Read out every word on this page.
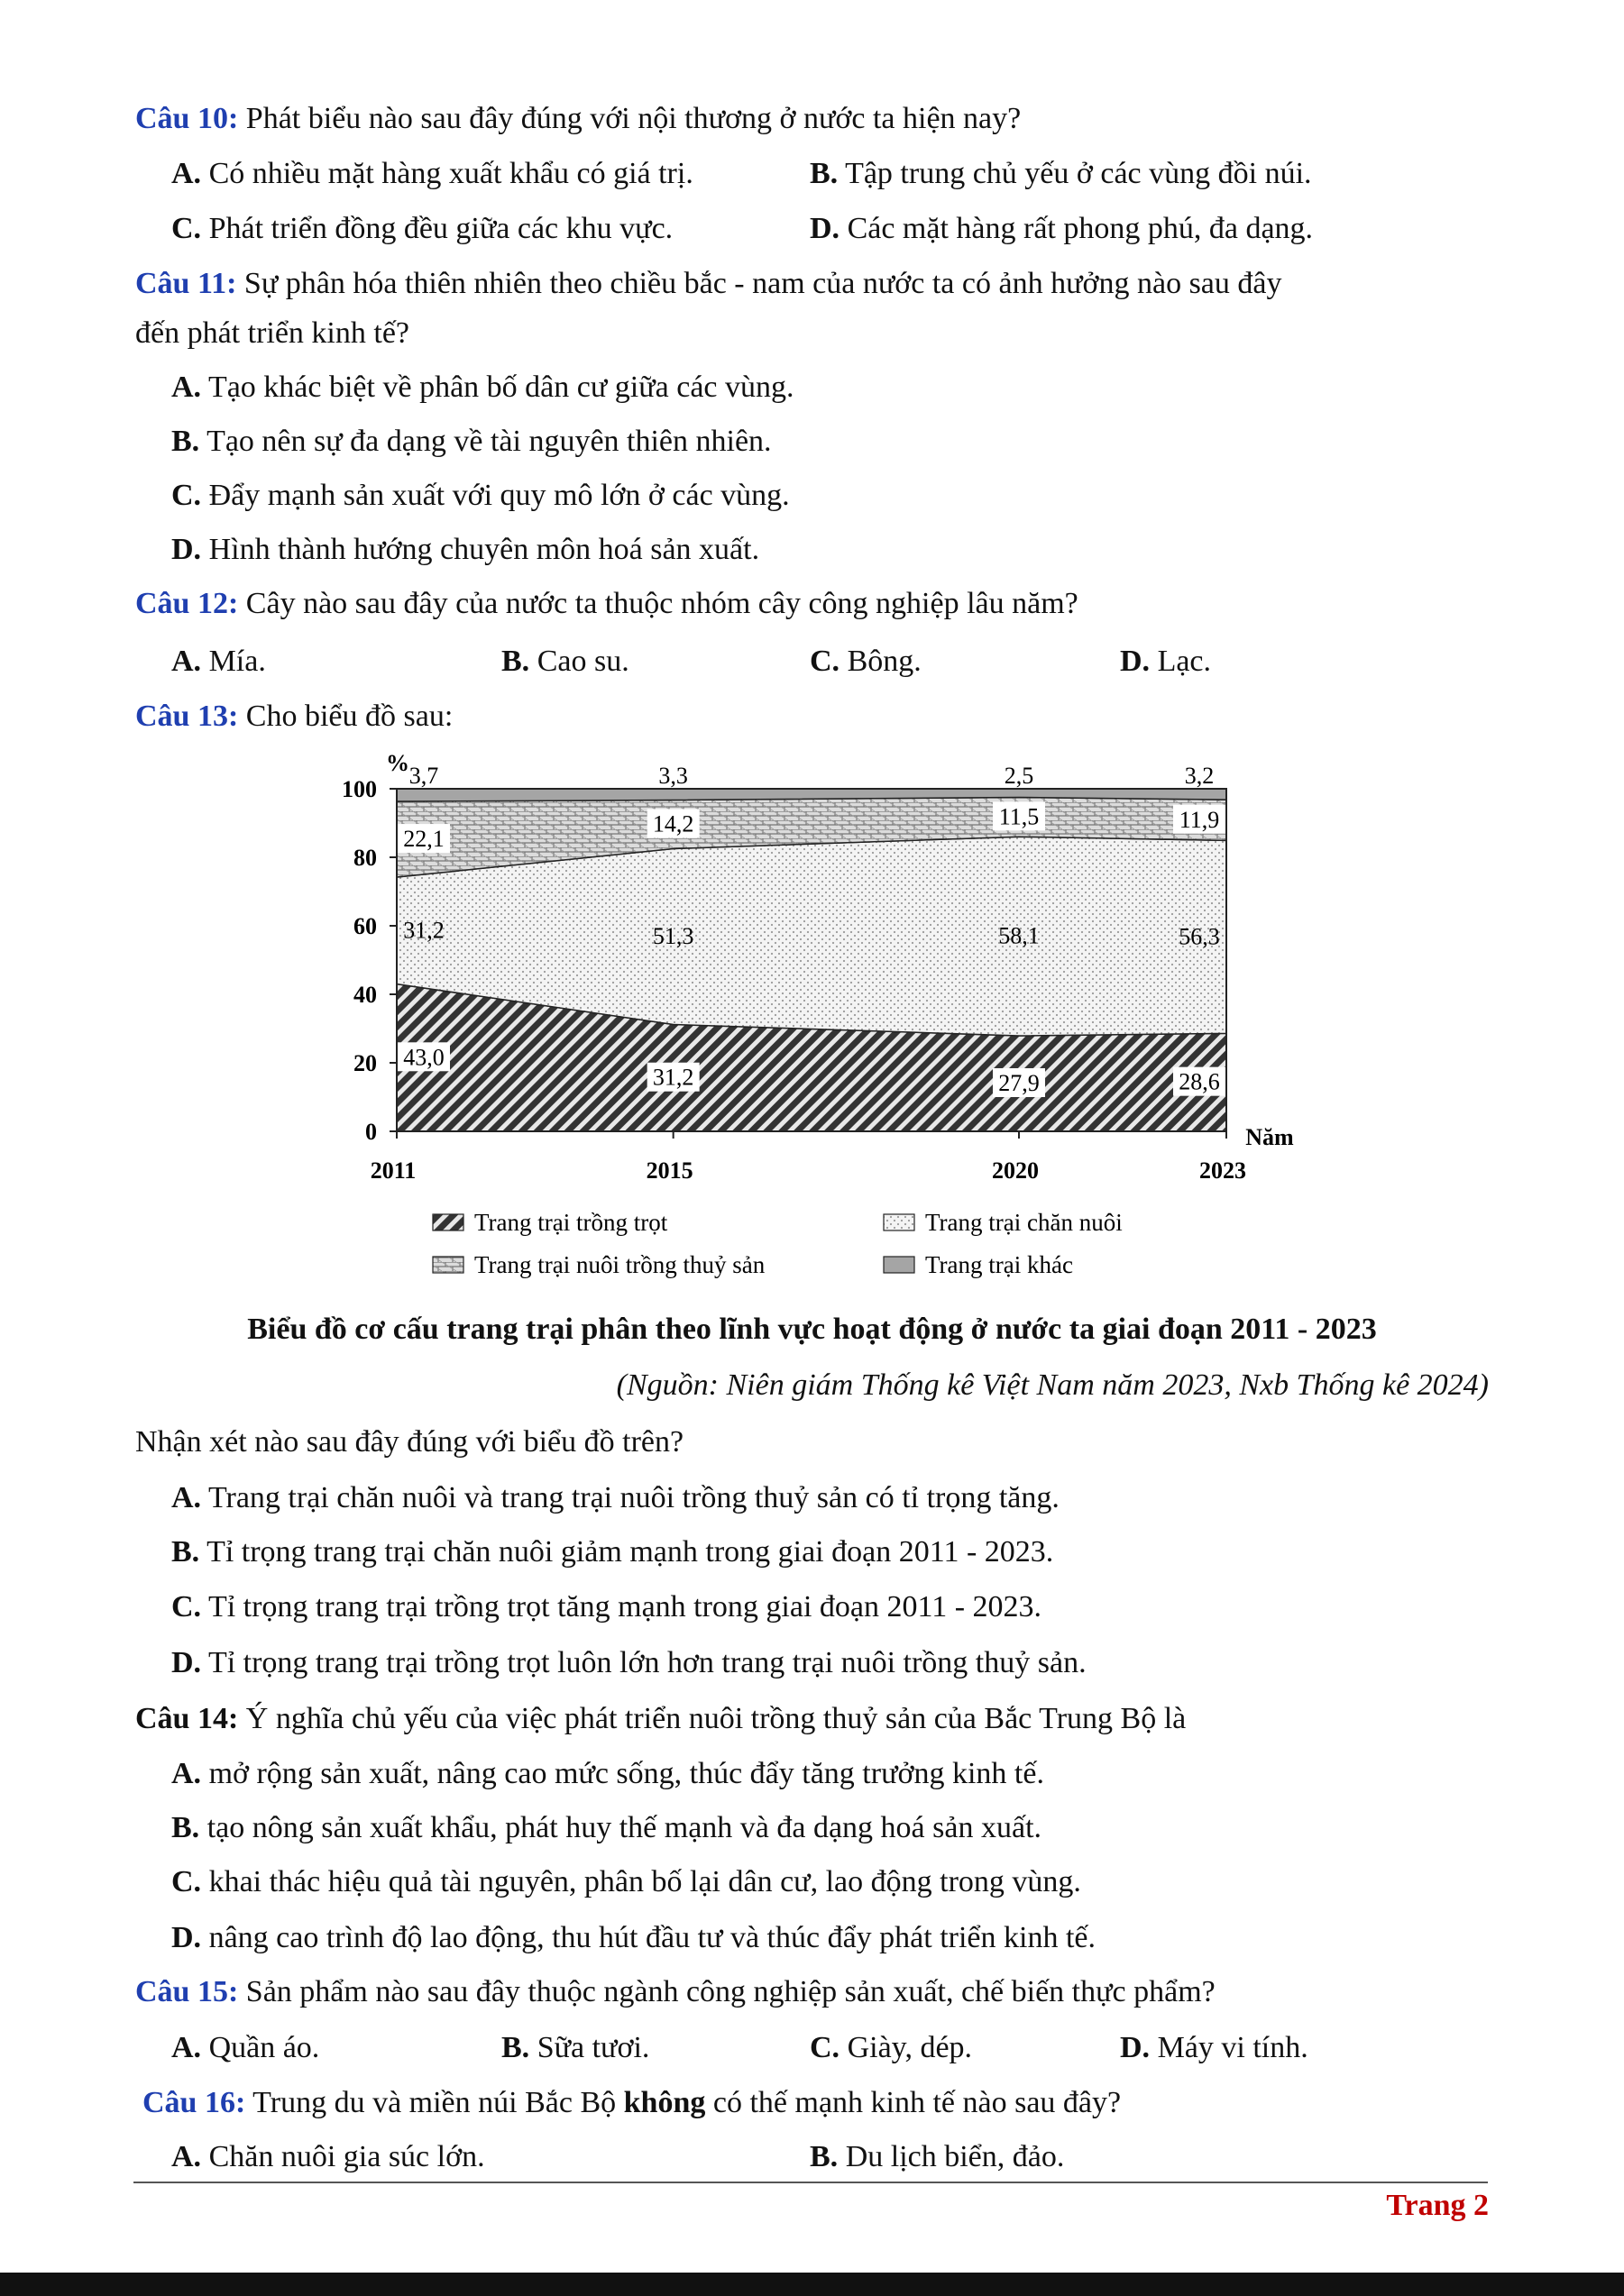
Câu 10: Phát biểu nào sau đây đúng với nội thương ở nước ta hiện nay?
A. Có nhiều mặt hàng xuất khẩu có giá trị.	B. Tập trung chủ yếu ở các vùng đồi núi.
C. Phát triển đồng đều giữa các khu vực.	D. Các mặt hàng rất phong phú, đa dạng.
Câu 11: Sự phân hóa thiên nhiên theo chiều bắc - nam của nước ta có ảnh hưởng nào sau đây
đến phát triển kinh tế?
A. Tạo khác biệt về phân bố dân cư giữa các vùng.
B. Tạo nên sự đa dạng về tài nguyên thiên nhiên.
C. Đẩy mạnh sản xuất với quy mô lớn ở các vùng.
D. Hình thành hướng chuyên môn hoá sản xuất.
Câu 12: Cây nào sau đây của nước ta thuộc nhóm cây công nghiệp lâu năm?
A. Mía.	B. Cao su.	C. Bông.	D. Lạc.
Câu 13: Cho biểu đồ sau:
0
20
40
60
80
100
%
2011	2015	2020	2023
Năm
43,0
31,2	27,9	28,6
31,2	51,3	58,1	56,3
22,1
14,2	11,5	11,9
3,7	3,3	2,5	3,2
Trang trại trồng trọt	Trang trại chăn nuôi
Trang trại nuôi trồng thuỷ sản	Trang trại khác
Biểu đồ cơ cấu trang trại phân theo lĩnh vực hoạt động ở nước ta giai đoạn 2011 - 2023
(Nguồn: Niên giám Thống kê Việt Nam năm 2023, Nxb Thống kê 2024)
Nhận xét nào sau đây đúng với biểu đồ trên?
A. Trang trại chăn nuôi và trang trại nuôi trồng thuỷ sản có tỉ trọng tăng.
B. Tỉ trọng trang trại chăn nuôi giảm mạnh trong giai đoạn 2011 - 2023.
C. Tỉ trọng trang trại trồng trọt tăng mạnh trong giai đoạn 2011 - 2023.
D. Tỉ trọng trang trại trồng trọt luôn lớn hơn trang trại nuôi trồng thuỷ sản.
Câu 14: Ý nghĩa chủ yếu của việc phát triển nuôi trồng thuỷ sản của Bắc Trung Bộ là
A. mở rộng sản xuất, nâng cao mức sống, thúc đẩy tăng trưởng kinh tế.
B. tạo nông sản xuất khẩu, phát huy thế mạnh và đa dạng hoá sản xuất.
C. khai thác hiệu quả tài nguyên, phân bố lại dân cư, lao động trong vùng.
D. nâng cao trình độ lao động, thu hút đầu tư và thúc đẩy phát triển kinh tế.
Câu 15: Sản phẩm nào sau đây thuộc ngành công nghiệp sản xuất, chế biến thực phẩm?
A. Quần áo.	B. Sữa tươi.	C. Giày, dép.	D. Máy vi tính.
Câu 16: Trung du và miền núi Bắc Bộ không có thế mạnh kinh tế nào sau đây?
A. Chăn nuôi gia súc lớn.	B. Du lịch biển, đảo.
Trang 2
